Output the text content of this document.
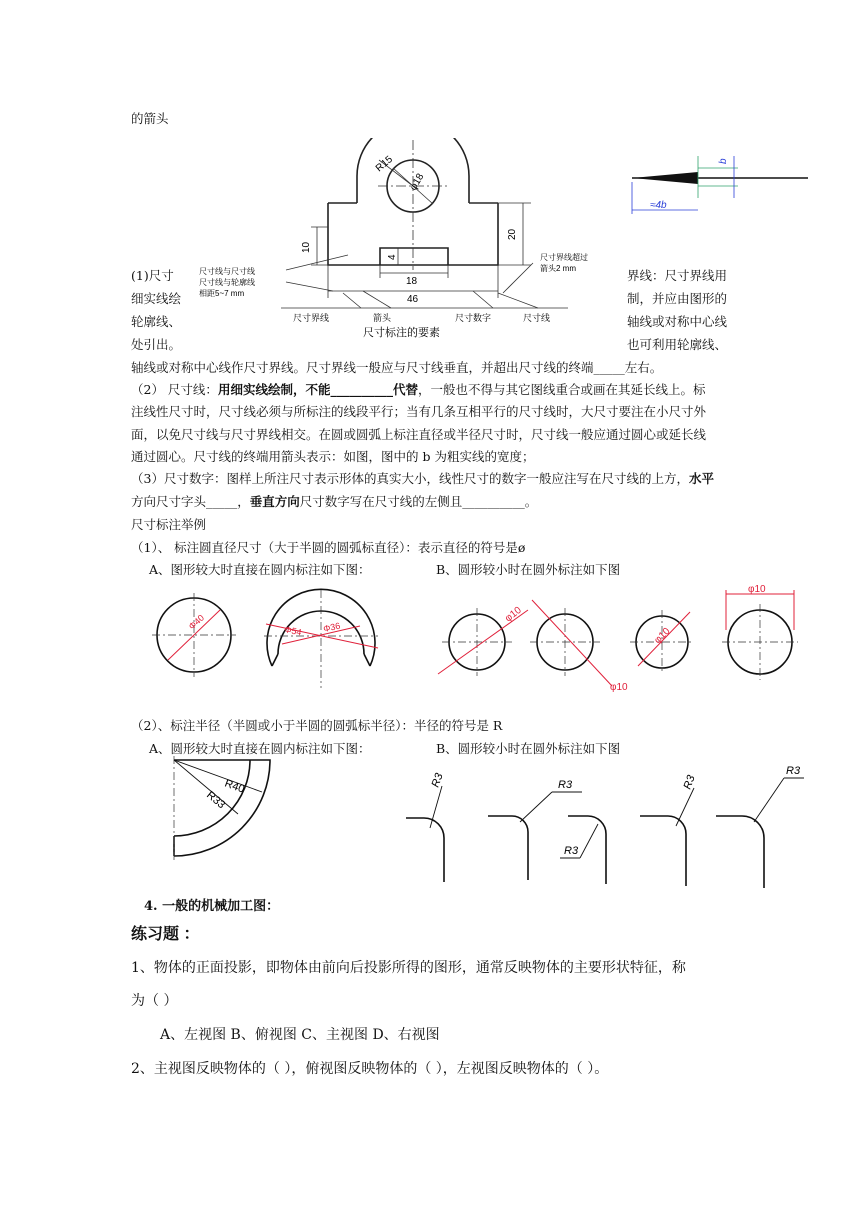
的箭头
R15
φ18
20
10
4
18
46
尺寸线与尺寸线
尺寸线与轮廓线
相距5~7 mm
尺寸界线超过
箭头2 mm
尺寸界线	箭头	尺寸数字	尺寸线
尺寸标注的要素
b
≈4b
(1)尺寸	界线：尺寸界线用
细实线绘	制，并应由图形的
轮廓线、	轴线或对称中心线
处引出。	也可利用轮廓线、
轴线或对称中心线作尺寸界线。尺寸界线一般应与尺寸线垂直，并超出尺寸线的终端_____左右。
（2） 尺寸线：用细实线绘制，不能__________代替，一般也不得与其它图线重合或画在其延长线上。标
注线性尺寸时，尺寸线必须与所标注的线段平行；当有几条互相平行的尺寸线时，大尺寸要注在小尺寸外
面，以免尺寸线与尺寸界线相交。在圆或圆弧上标注直径或半径尺寸时，尺寸线一般应通过圆心或延长线
通过圆心。尺寸线的终端用箭头表示：如图，图中的 b 为粗实线的宽度；
（3）尺寸数字：图样上所注尺寸表示形体的真实大小，线性尺寸的数字一般应注写在尺寸线的上方，水平
方向尺寸字头_____，垂直方向尺寸数字写在尺寸线的左侧且__________。
尺寸标注举例
（1）、 标注圆直径尺寸（大于半圆的圆弧标直径）：表示直径的符号是ø
A、图形较大时直接在圆内标注如下图：	B、圆形较小时在圆外标注如下图
Φ40	Φ54 Φ36
φ10
φ10
φ10
φ10
（2）、标注半径（半圆或小于半圆的圆弧标半径）：半径的符号是 R
A、圆形较大时直接在圆内标注如下图：	B、圆形较小时在圆外标注如下图
R40
R33
R3	R3
R3
R3
R3
4. 一般的机械加工图：
练习题 ：
1、物体的正面投影，即物体由前向后投影所得的图形，通常反映物体的主要形状特征，称
为（ ）
A、左视图 B、俯视图 C、主视图 D、右视图
2、主视图反映物体的（ ），俯视图反映物体的（ ），左视图反映物体的（ ）。
